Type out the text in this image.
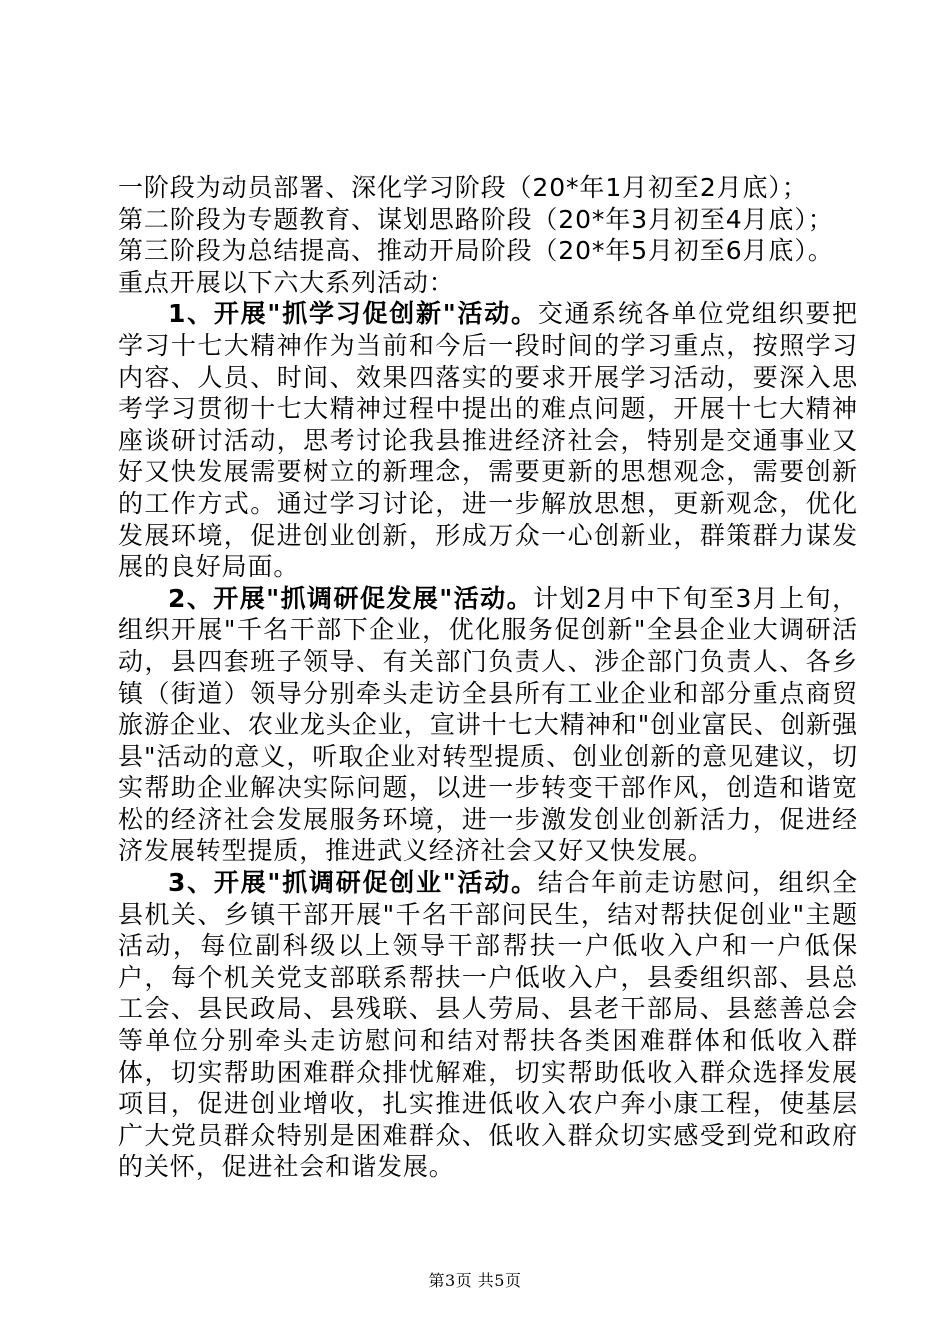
一阶段为动员部署、深化学习阶段（20*年1月初至2月底）；

第二阶段为专题教育、谋划思路阶段（20*年3月初至4月底）；

第三阶段为总结提高、推动开局阶段（20*年5月初至6月底）。

重点开展以下六大系列活动：

1、开展"抓学习促创新"活动。交通系统各单位党组织要把学习十七大精神作为当前和今后一段时间的学习重点，按照学习内容、人员、时间、效果四落实的要求开展学习活动，要深入思考学习贯彻十七大精神过程中提出的难点问题，开展十七大精神座谈研讨活动，思考讨论我县推进经济社会，特别是交通事业又好又快发展需要树立的新理念，需要更新的思想观念，需要创新的工作方式。通过学习讨论，进一步解放思想，更新观念，优化发展环境，促进创业创新，形成万众一心创新业，群策群力谋发展的良好局面。

2、开展"抓调研促发展"活动。计划2月中下旬至3月上旬，组织开展"千名干部下企业，优化服务促创新"全县企业大调研活动，县四套班子领导、有关部门负责人、涉企部门负责人、各乡镇（街道）领导分别牵头走访全县所有工业企业和部分重点商贸旅游企业、农业龙头企业，宣讲十七大精神和"创业富民、创新强县"活动的意义，听取企业对转型提质、创业创新的意见建议，切实帮助企业解决实际问题，以进一步转变干部作风，创造和谐宽松的经济社会发展服务环境，进一步激发创业创新活力，促进经济发展转型提质，推进武义经济社会又好又快发展。

3、开展"抓调研促创业"活动。结合年前走访慰问，组织全县机关、乡镇干部开展"千名干部问民生，结对帮扶促创业"主题活动，每位副科级以上领导干部帮扶一户低收入户和一户低保户，每个机关党支部联系帮扶一户低收入户，县委组织部、县总工会、县民政局、县残联、县人劳局、县老干部局、县慈善总会等单位分别牵头走访慰问和结对帮扶各类困难群体和低收入群体，切实帮助困难群众排忧解难，切实帮助低收入群众选择发展项目，促进创业增收，扎实推进低收入农户奔小康工程，使基层广大党员群众特别是困难群众、低收入群众切实感受到党和政府的关怀，促进社会和谐发展。

第3页 共5页
